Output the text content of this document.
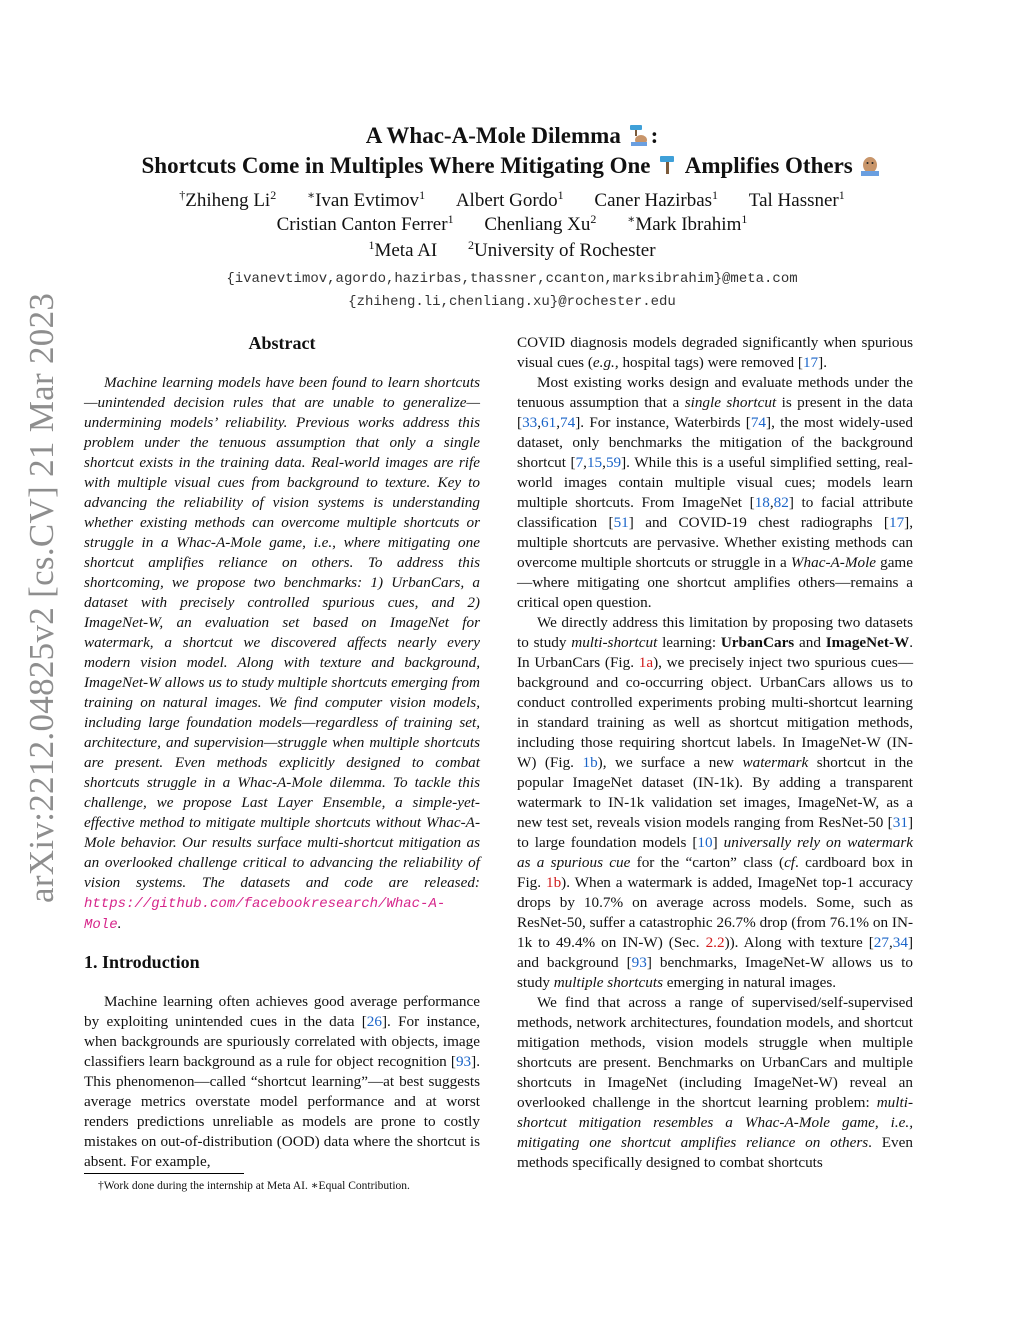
arXiv:2212.04825v2 [cs.CV] 21 Mar 2023
A Whac-A-Mole Dilemma :
Shortcuts Come in Multiples Where Mitigating One Amplifies Others
†Zhiheng Li$^2$	∗Ivan Evtimov$^1$ Albert Gordo$^1$ Caner Hazirbas$^1$ Tal Hassner$^1$
Cristian Canton Ferrer$^1$ Chenliang Xu$^2$	∗Mark Ibrahim$^1$
$^1$Meta AI	$^2$University of Rochester
{ivanevtimov,agordo,hazirbas,thassner,ccanton,marksibrahim}@meta.com
{zhiheng.li,chenliang.xu}@rochester.edu
Abstract

Machine learning models have been found to learn shortcuts—unintended decision rules that are unable to generalize—undermining models’ reliability. Previous works address this problem under the tenuous assumption that only a single shortcut exists in the training data. Real-world images are rife with multiple visual cues from background to texture. Key to advancing the reliability of vision systems is understanding whether existing methods can overcome multiple shortcuts or struggle in a Whac-A-Mole game, i.e., where mitigating one shortcut amplifies reliance on others. To address this shortcoming, we propose two benchmarks: 1) UrbanCars, a dataset with precisely controlled spurious cues, and 2) ImageNet-W, an evaluation set based on ImageNet for watermark, a shortcut we discovered affects nearly every modern vision model. Along with texture and background, ImageNet-W allows us to study multiple shortcuts emerging from training on natural images. We find computer vision models, including large foundation models—regardless of training set, architecture, and supervision—struggle when multiple shortcuts are present. Even methods explicitly designed to combat shortcuts struggle in a Whac-A-Mole dilemma. To tackle this challenge, we propose Last Layer Ensemble, a simple-yet-effective method to mitigate multiple shortcuts without Whac-A-Mole behavior. Our results surface multi-shortcut mitigation as an overlooked challenge critical to advancing the reliability of vision systems. The datasets and code are released: https://github.com/facebookresearch/Whac-A-Mole.

1. Introduction

Machine learning often achieves good average performance by exploiting unintended cues in the data [26]. For instance, when backgrounds are spuriously correlated with objects, image classifiers learn background as a rule for object recognition [93]. This phenomenon—called “shortcut learning”—at best suggests average metrics overstate model performance and at worst renders predictions unreliable as models are prone to costly mistakes on out-of-distribution (OOD) data where the shortcut is absent. For example,

†Work done during the internship at Meta AI. ∗Equal Contribution.

COVID diagnosis models degraded significantly when spurious visual cues (e.g., hospital tags) were removed [17].

Most existing works design and evaluate methods under the tenuous assumption that a single shortcut is present in the data [33,61,74]. For instance, Waterbirds [74], the most widely-used dataset, only benchmarks the mitigation of the background shortcut [7,15,59]. While this is a useful simplified setting, real-world images contain multiple visual cues; models learn multiple shortcuts. From ImageNet [18,82] to facial attribute classification [51] and COVID-19 chest radiographs [17], multiple shortcuts are pervasive. Whether existing methods can overcome multiple shortcuts or struggle in a Whac-A-Mole game—where mitigating one shortcut amplifies others—remains a critical open question.

We directly address this limitation by proposing two datasets to study multi-shortcut learning: UrbanCars and ImageNet-W. In UrbanCars (Fig. 1a), we precisely inject two spurious cues—background and co-occurring object. UrbanCars allows us to conduct controlled experiments probing multi-shortcut learning in standard training as well as shortcut mitigation methods, including those requiring shortcut labels. In ImageNet-W (IN-W) (Fig. 1b), we surface a new watermark shortcut in the popular ImageNet dataset (IN-1k). By adding a transparent watermark to IN-1k validation set images, ImageNet-W, as a new test set, reveals vision models ranging from ResNet-50 [31] to large foundation models [10] universally rely on watermark as a spurious cue for the “carton” class (cf. cardboard box in Fig. 1b). When a watermark is added, ImageNet top-1 accuracy drops by 10.7% on average across models. Some, such as ResNet-50, suffer a catastrophic 26.7% drop (from 76.1% on IN-1k to 49.4% on IN-W) (Sec. 2.2)). Along with texture [27,34] and background [93] benchmarks, ImageNet-W allows us to study multiple shortcuts emerging in natural images.

We find that across a range of supervised/self-supervised methods, network architectures, foundation models, and shortcut mitigation methods, vision models struggle when multiple shortcuts are present. Benchmarks on UrbanCars and multiple shortcuts in ImageNet (including ImageNet-W) reveal an overlooked challenge in the shortcut learning problem: multi-shortcut mitigation resembles a Whac-A-Mole game, i.e., mitigating one shortcut amplifies reliance on others. Even methods specifically designed to combat shortcuts
